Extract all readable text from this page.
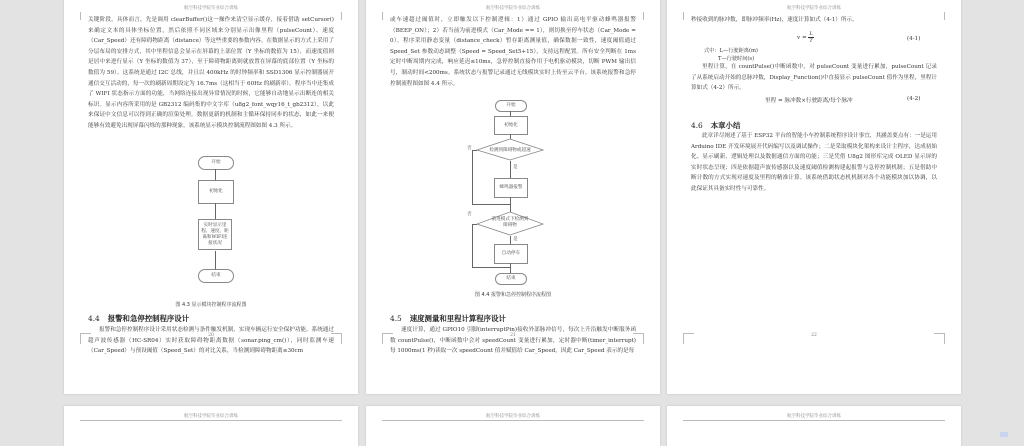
航空科技学院毕业综合训练

关键阶段，具体而言，先是调用 clearBuffer()这一操作来清空显示缓存，接着借助 setCursor() 来确定文本的具体坐标位置，然后依照不同区域来分别显示出像里程（pulseCount）、速度（Car_Speed）还有障碍物距离（distance）等这些重要的参数内容。在数据显示的方式上采用了分层布局的安排方式，其中里程信息会显示在屏幕的上部位置（Y 坐标的数值为 15），而速度值则是居中来进行显示（Y 坐标的数值为 37），至于障碍物距离则就放置在屏幕的底部位置（Y 坐标的数值为 59）。这系统是通过 I2C 总线，并且以 400kHz 的时钟频率和 SSD1306 显示控制器展开通信交互活动的，每一次的刷新周期设定为 16.7ms（这相当于 60Hz 的刷新率）。程序当中还集成了 WIFI 状态指示方面的功能，当网络连接出现异常情况的时候，它能够自动地显示出断连的相关标识。显示内容所采用的是 GB2312 编码集的中文字库（u8g2_font_wqy16_t_gb2312），以此来保证中文信息可以得到正确的渲染处理。数据更新的机制和主循环保持同步的状态，如此一来便能够有效避免出现屏幕闪烁的那种现象。该系统显示模块控制流程图如图 4.3 所示。

开始
初始化
实时显示里程、速度、距离和WIFI连接状况
结束
图 4.3 显示模块控制程序流程图
4.4 报警和急停控制程序设计

报警和急停控制程序设计采用状态检测与条件触发机制，实现车辆运行安全保护功能。系统通过超声波传感器（HC-SR04）实时获取障碍物距离数据（sonar.ping_cm()），同时监测车速（Car_Speed）与预设阈值（Speed_Set）的对比关系，当检测到障碍物距离≤30cm

20
航空科技学院毕业综合训练

或车速超过阈值时，立即触发以下控制逻辑：1）通过 GPIO 输出高电平驱动蜂鸣器报警（BEEP_ON）；2）若当前为前进模式（Car_Mode == 1），则切换至停车状态（Car_Mode = 0）。程序采用静态变量（distance_check）暂存距离测量值，确保数据一致性，速度阈值通过 Speed_Set 参数动态调整（Speed = Speed_Set5+15），支持远程配置。所有安全判断在 1ms 定时中断周期内完成，响应延迟≤10ms，急停控制直接作用于电机驱动模块，切断 PWM 输出信号，制动时间<200ms。系统状态与报警记录通过无线模块实时上传至云平台。该系统报警和急停控制流程图如图 4.4 所示。

开始
初始化
检测到障碍物或超速
是
蜂鸣器报警
前进模式下检测到障碍物
是
自动停车
结束
否
否
图 4.4 报警和急停控制程序流程图
4.5 速度测量和里程计算程序设计

速度计算，通过 GPIO10 引脚(interruptPin)接收外部脉冲信号，每次上升沿触发中断服务函数 countPulse()，中断函数中会对 speedCount 变量进行累加，定时器中断(timer_interrupt)每 1000ms(1 秒)读取一次 speedCount 值并赋值给 Car_Speed，因此 Car_Speed 表示的是每

21
航空科技学院毕业综合训练

秒接收到的脉冲数，即脉冲频率(Hz)，速度计算如式（4-1）所示。

$v = \frac{L}{T}$	(4-1)
式中：L—行驶距离(m)
T—行驶时间(s)

里程计算，在 countPulse()中断函数中，对 pulseCount 变量进行累加，pulseCount 记录了从系统启动开始的总脉冲数，Display_Function()中直接显示 pulseCount 值作为里程，里程计算如式（4-2）所示。

里程 = 脉冲数×行驶距离/每个脉冲	(4-2)
4.6 本章小结

此章详尽阐述了基于 ESP32 平台的智能小车控制系统程序设计事宜，其涵盖要点有：一是运用 Arduino IDE 开发环境展开代码编写以及调试操作；二是采取模块化架构来设计主程序，达成初始化、显示刷新、逻辑处理以及数据通信方面的功能；三是凭借 U8g2 图形库完成 OLED 显示屏的实时状态呈现；四是依据超声波传感器以及速度阈值检测构建起报警与急停控制机制；五是借助中断计数的方式实现对速度及里程的精准计算。该系统借助状态机机制对各个功能模块加以协调，以此保证其具备实时性与可靠性。

22
航空科技学院毕业综合训练	航空科技学院毕业综合训练	航空科技学院毕业综合训练
